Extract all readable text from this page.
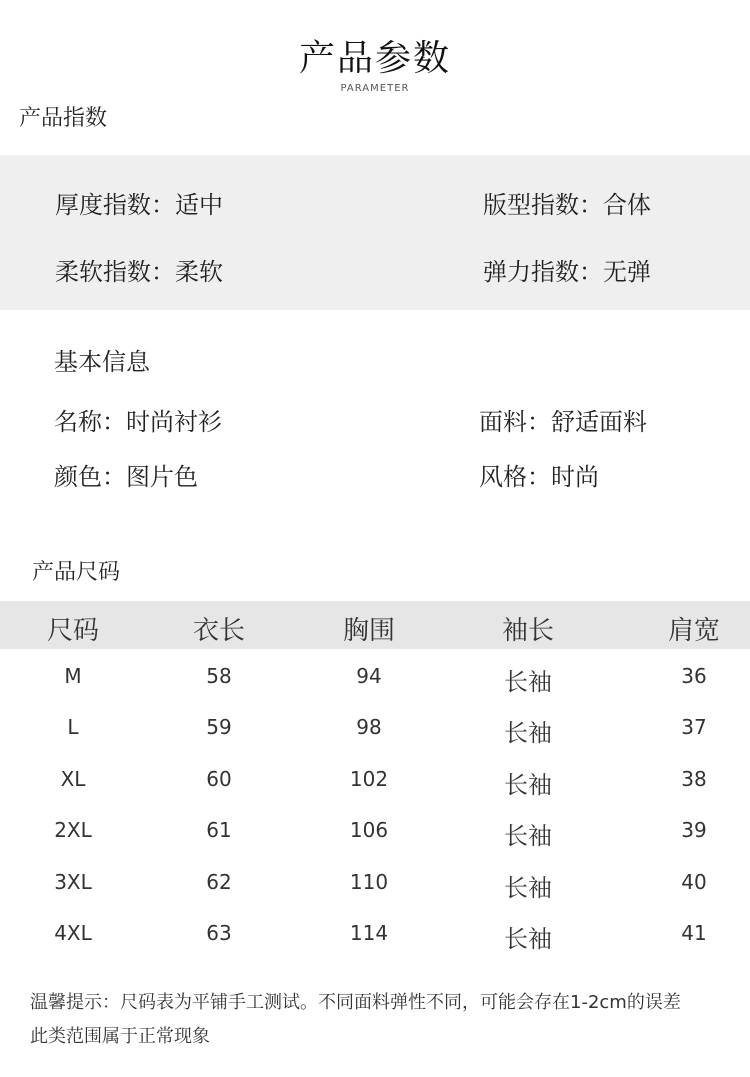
产品参数
PARAMETER
产品指数
厚度指数：适中	版型指数：合体
柔软指数：柔软	弹力指数：无弹
基本信息
名称：时尚衬衫	面料：舒适面料
颜色：图片色	风格：时尚
产品尺码
尺码	衣长	胸围	袖长	肩宽
M	58	94	长袖	36
L	59	98	长袖	37
XL	60	102	长袖	38
2XL	61	106	长袖	39
3XL	62	110	长袖	40
4XL	63	114	长袖	41
温馨提示：尺码表为平铺手工测试。不同面料弹性不同，可能会存在1-2cm的误差
此类范围属于正常现象
